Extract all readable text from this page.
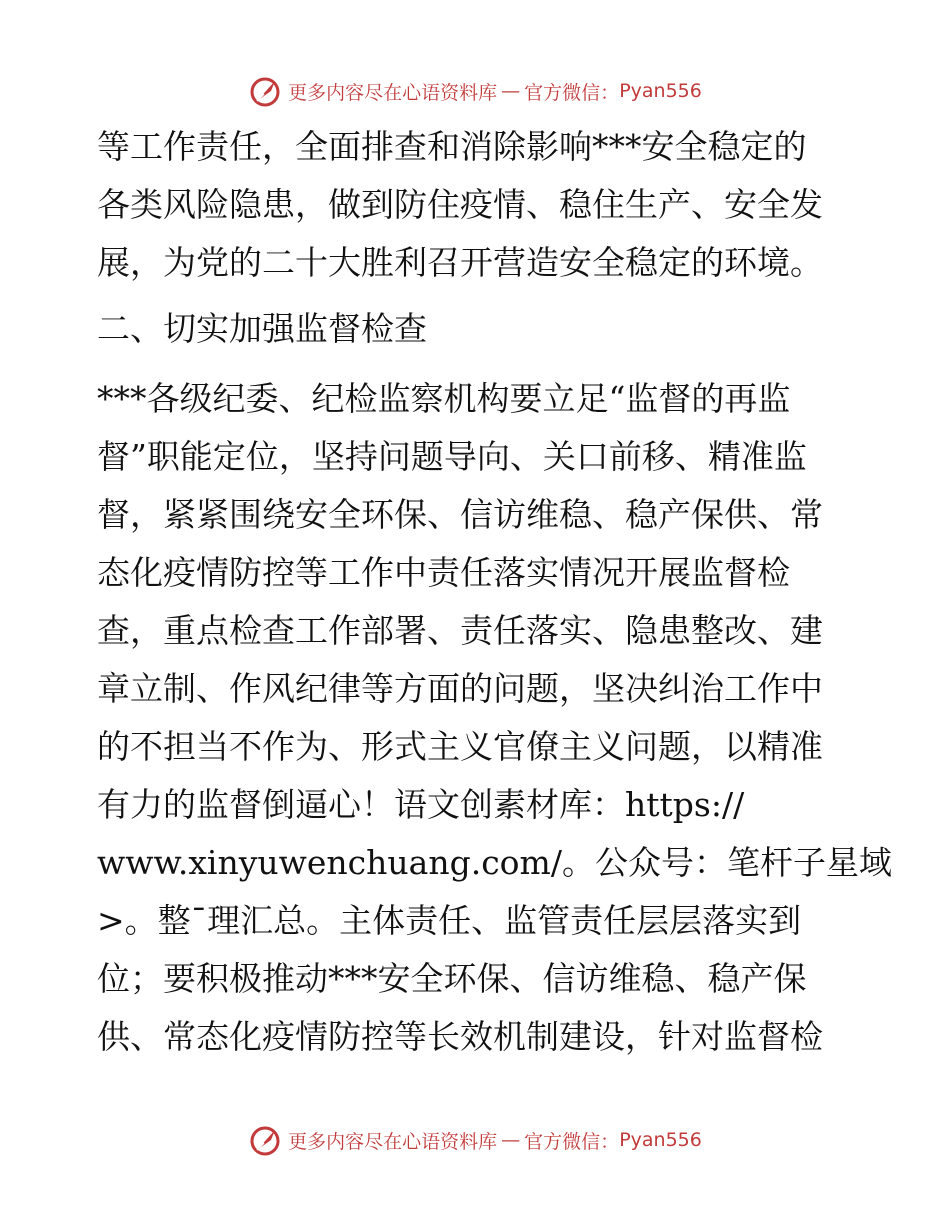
更多内容尽在心语资料库 — 官方微信： Pyan556
等工作责任，全面排查和消除影响***安全稳定的
各类风险隐患，做到防住疫情、稳住生产、安全发
展，为党的二十大胜利召开营造安全稳定的环境。
二、切实加强监督检查
***各级纪委、纪检监察机构要立足“监督的再监
督”职能定位，坚持问题导向、关口前移、精准监
督，紧紧围绕安全环保、信访维稳、稳产保供、常
态化疫情防控等工作中责任落实情况开展监督检
查，重点检查工作部署、责任落实、隐患整改、建
章立制、作风纪律等方面的问题，坚决纠治工作中
的不担当不作为、形式主义官僚主义问题，以精准
有力的监督倒逼心！语文创素材库：https://
www.xinyuwenchuang.com/。公众号：笔杆子星域
>。整¯理汇总。主体责任、监管责任层层落实到
位；要积极推动***安全环保、信访维稳、稳产保
供、常态化疫情防控等长效机制建设，针对监督检
更多内容尽在心语资料库 — 官方微信： Pyan556
